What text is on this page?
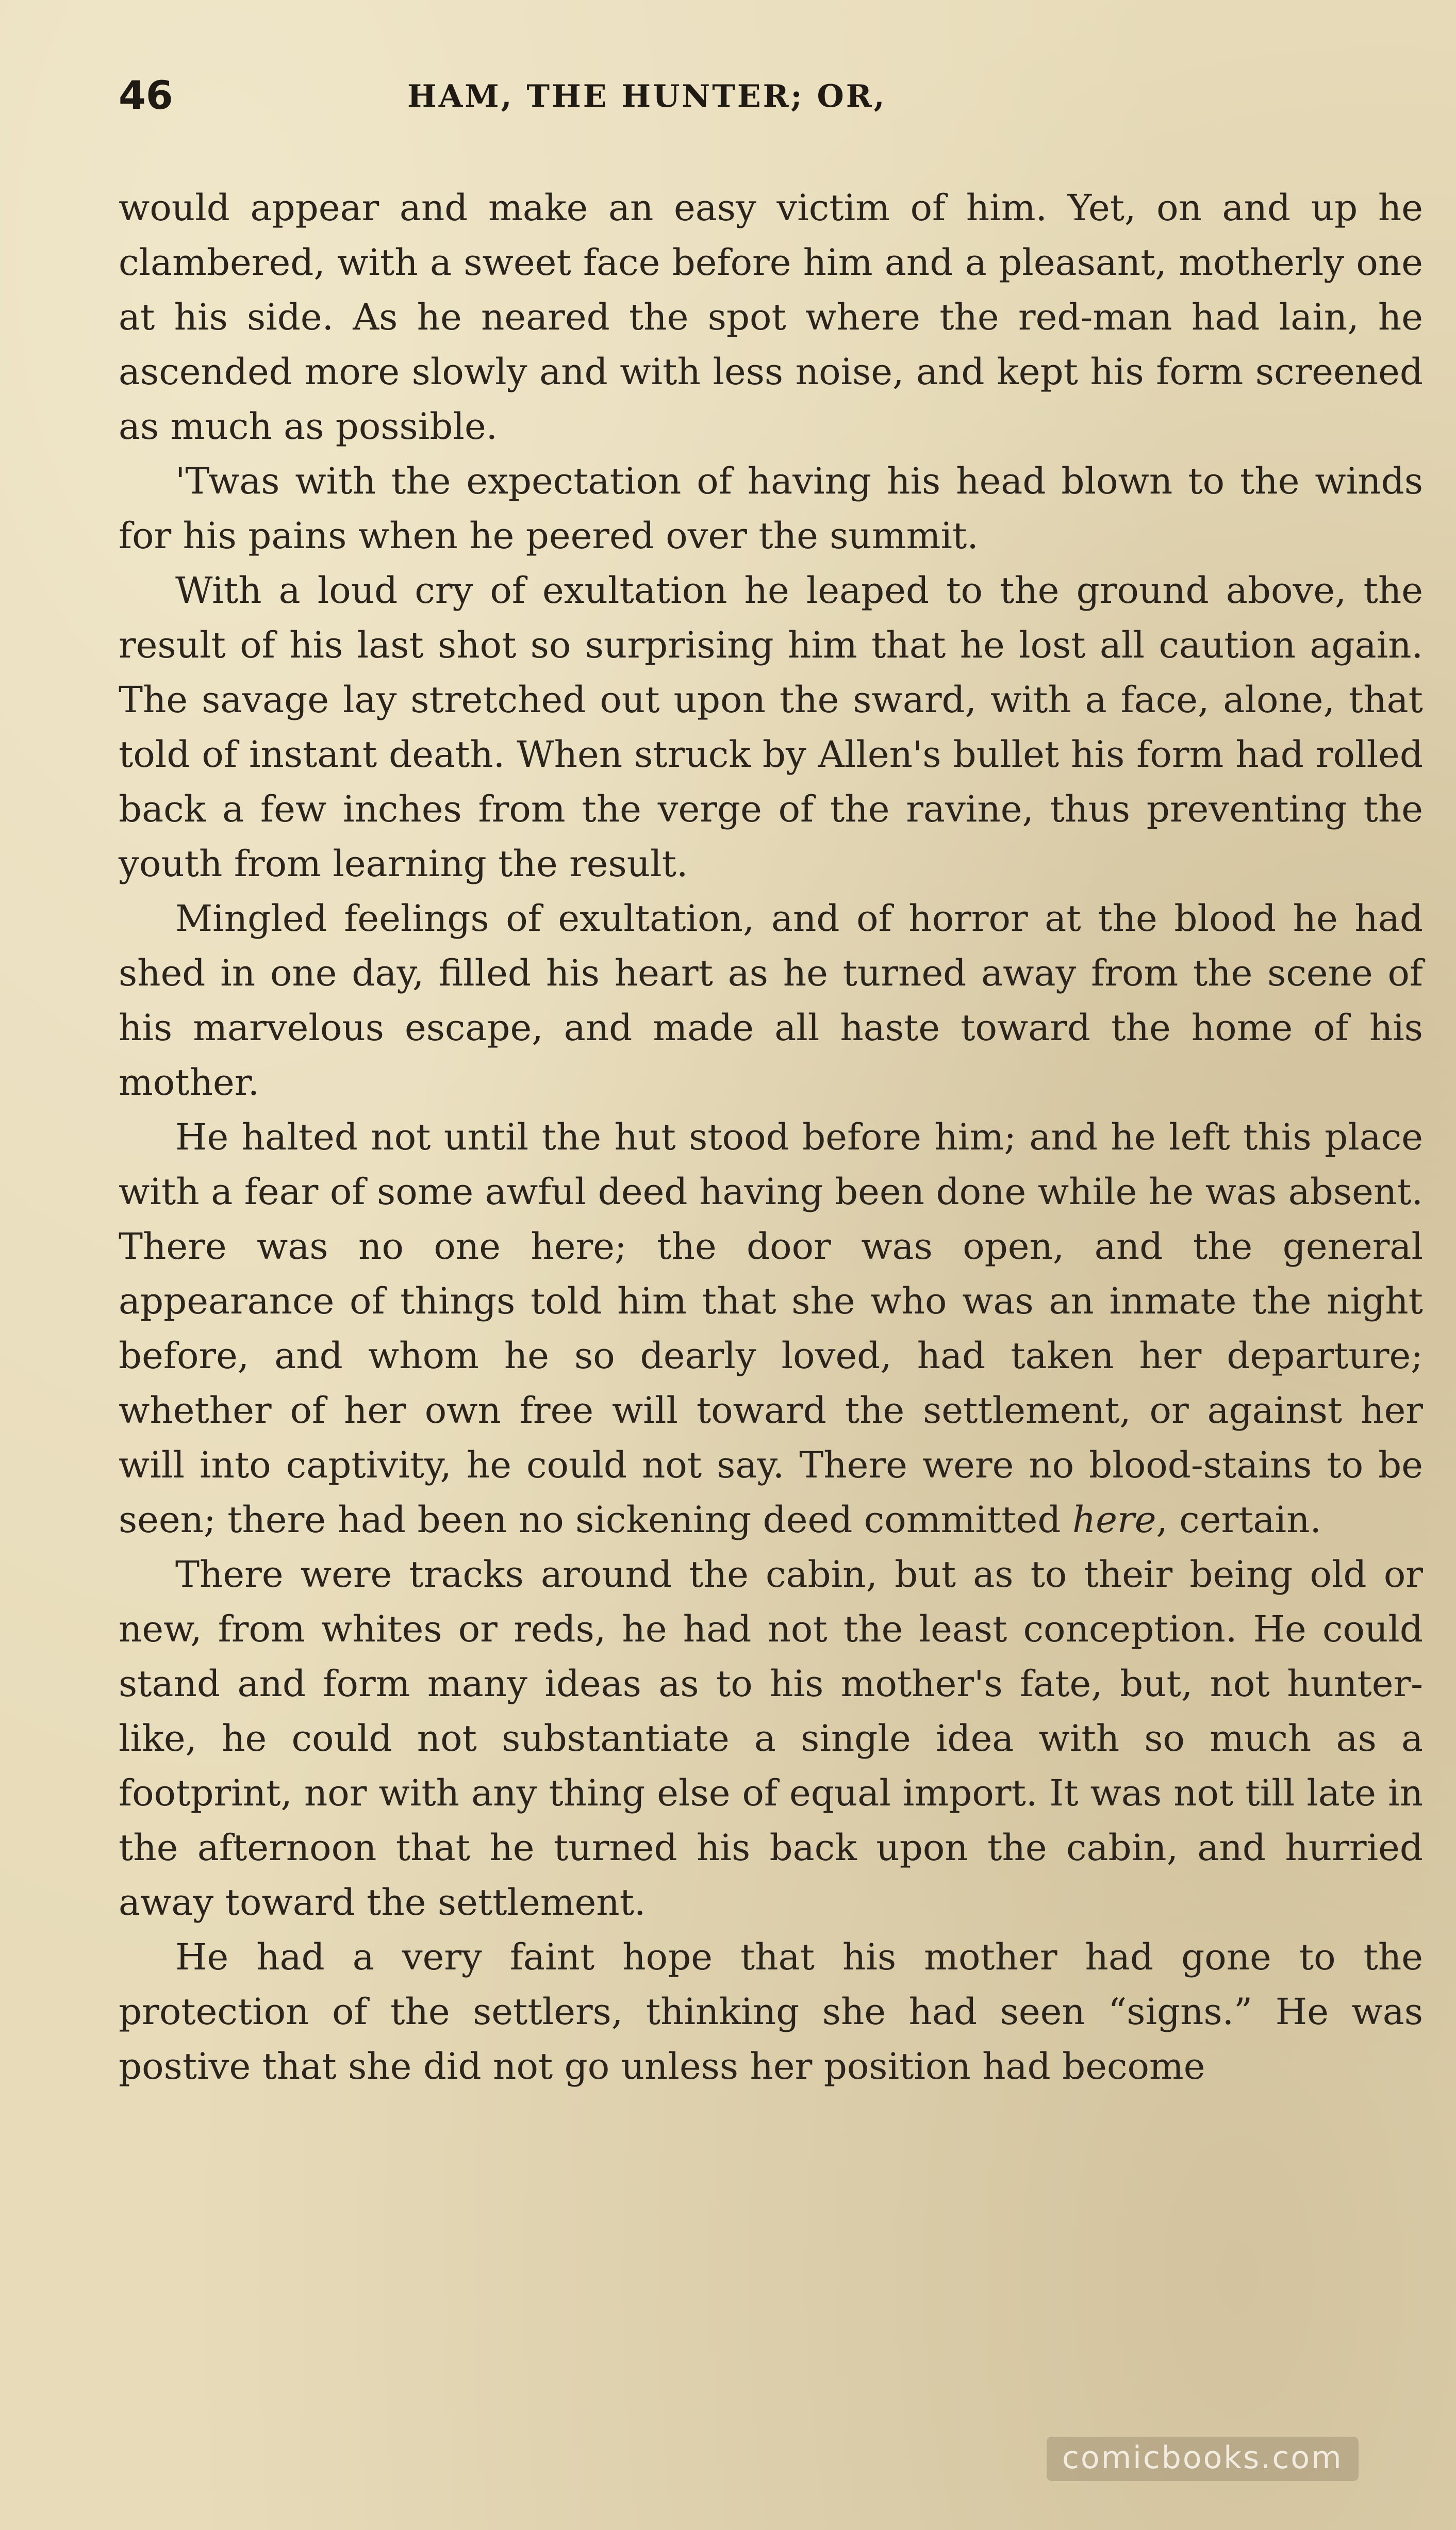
46	HAM, THE HUNTER; OR,

would appear and make an easy victim of him. Yet, on and up he clambered, with a sweet face before him and a pleasant, motherly one at his side. As he neared the spot where the red-man had lain, he ascended more slowly and with less noise, and kept his form screened as much as possible.

'Twas with the expectation of having his head blown to the winds for his pains when he peered over the summit.

With a loud cry of exultation he leaped to the ground above, the result of his last shot so surprising him that he lost all caution again. The savage lay stretched out upon the sward, with a face, alone, that told of instant death. When struck by Allen's bullet his form had rolled back a few inches from the verge of the ravine, thus preventing the youth from learning the result.

Mingled feelings of exultation, and of horror at the blood he had shed in one day, filled his heart as he turned away from the scene of his marvelous escape, and made all haste toward the home of his mother.

He halted not until the hut stood before him; and he left this place with a fear of some awful deed having been done while he was absent. There was no one here; the door was open, and the general appearance of things told him that she who was an inmate the night before, and whom he so dearly loved, had taken her departure; whether of her own free will toward the settlement, or against her will into captivity, he could not say. There were no blood-stains to be seen; there had been no sickening deed committed here, certain.

There were tracks around the cabin, but as to their being old or new, from whites or reds, he had not the least conception. He could stand and form many ideas as to his mother's fate, but, not hunter-like, he could not substantiate a single idea with so much as a footprint, nor with any thing else of equal import. It was not till late in the afternoon that he turned his back upon the cabin, and hurried away toward the settlement.

He had a very faint hope that his mother had gone to the protection of the settlers, thinking she had seen “signs.” He was postive that she did not go unless her position had become

comicbooks.com
